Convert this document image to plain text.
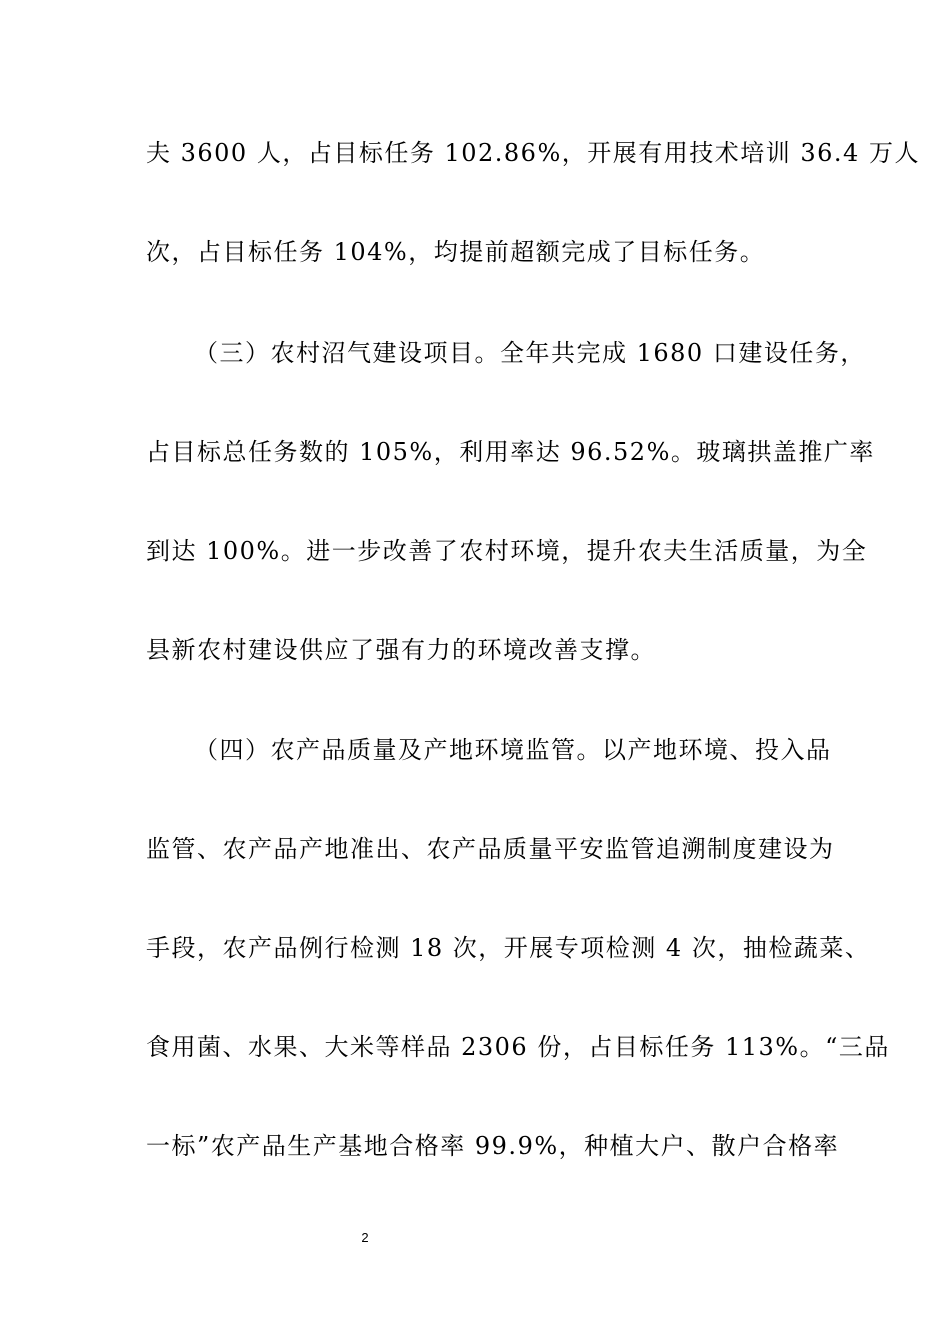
夫 3600 人，占目标任务 102.86%，开展有用技术培训 36.4 万人
次，占目标任务 104%，均提前超额完成了目标任务。
（三）农村沼气建设项目。全年共完成 1680 口建设任务，
占目标总任务数的 105%，利用率达 96.52%。玻璃拱盖推广率
到达 100%。进一步改善了农村环境，提升农夫生活质量，为全
县新农村建设供应了强有力的环境改善支撑。
（四）农产品质量及产地环境监管。以产地环境、投入品
监管、农产品产地准出、农产品质量平安监管追溯制度建设为
手段，农产品例行检测 18 次，开展专项检测 4 次，抽检蔬菜、
食用菌、水果、大米等样品 2306 份，占目标任务 113%。“三品
一标”农产品生产基地合格率 99.9%，种植大户、散户合格率
2
